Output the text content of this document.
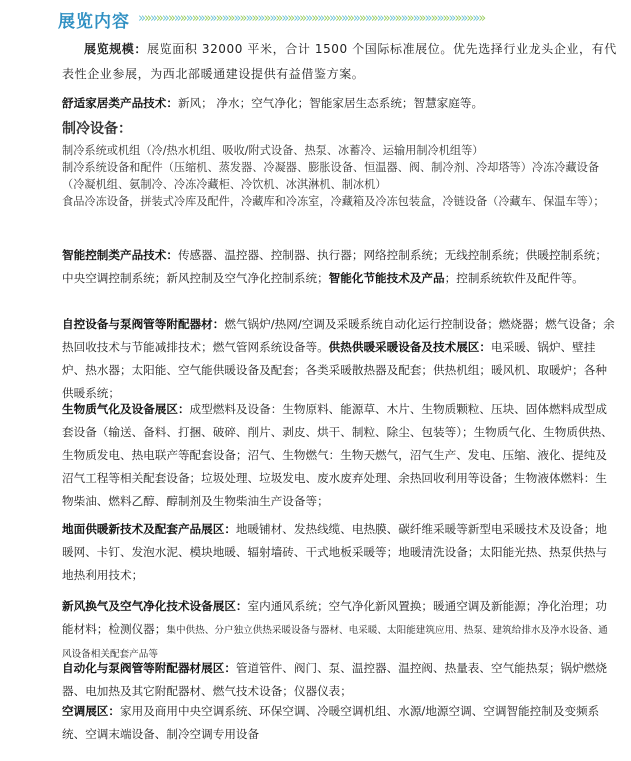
展览内容 »»»»»»»»»»»»»»»»»»»»»»»»»»»»»»»»»»»»»»»»»»»»»»»»»»»»»»»»»»
展览规模：展览面积 32000 平米，合计 1500 个国际标准展位。优先选择行业龙头企业，有代表性企业参展，为西北部暖通建设提供有益借鉴方案。
舒适家居类产品技术：新风； 净水；空气净化；智能家居生态系统；智慧家庭等。
制冷设备：
制冷系统或机组（冷/热水机组、吸收/附式设备、热泵、冰蓄冷、运输用制冷机组等）
制冷系统设备和配件（压缩机、蒸发器、冷凝器、膨胀设备、恒温器、阀、制冷剂、冷却塔等）冷冻冷藏设备（冷凝机组、氨制冷、冷冻冷藏柜、冷饮机、冰淇淋机、制冰机）
食品冷冻设备，拼装式冷库及配件，冷藏库和冷冻室，冷藏箱及冷冻包装盒，冷链设备（冷藏车、保温车等）；
智能控制类产品技术：传感器、温控器、控制器、执行器；网络控制系统；无线控制系统；供暖控制系统；中央空调控制系统；新风控制及空气净化控制系统；智能化节能技术及产品；控制系统软件及配件等。
自控设备与泵阀管等附配器材：燃气锅炉/热网/空调及采暖系统自动化运行控制设备；燃烧器；燃气设备；余热回收技术与节能减排技术；燃气管网系统设备等。供热供暖采暖设备及技术展区：电采暖、锅炉、壁挂炉、热水器；太阳能、空气能供暖设备及配套；各类采暖散热器及配套；供热机组；暖风机、取暖炉；各种供暖系统；
生物质气化及设备展区：成型燃料及设备：生物原料、能源草、木片、生物质颗粒、压块、固体燃料成型成套设备（输送、备料、打捆、破碎、削片、剥皮、烘干、制粒、除尘、包装等）；生物质气化、生物质供热、生物质发电、热电联产等配套设备；沼气、生物燃气：生物天燃气，沼气生产、发电、压缩、液化、提纯及沼气工程等相关配套设备；垃圾处理、垃圾发电、废水废弃处理、余热回收利用等设备；生物液体燃料：生物柴油、燃料乙醇、醇制剂及生物柴油生产设备等；
地面供暖新技术及配套产品展区：地暖铺材、发热线缆、电热膜、碳纤维采暖等新型电采暖技术及设备；地暖网、卡钉、发泡水泥、模块地暖、辐射墙砖、干式地板采暖等；地暖清洗设备；太阳能光热、热泵供热与地热利用技术；
新风换气及空气净化技术设备展区：室内通风系统；空气净化新风置换；暖通空调及新能源；净化治理；功能材料；检测仪器；集中供热、分户独立供热采暖设备与器材、电采暖、太阳能建筑应用、热泵、建筑给排水及净水设备、通风设备相关配套产品等
自动化与泵阀管等附配器材展区：管道管件、阀门、泵、温控器、温控阀、热量表、空气能热泵；锅炉燃烧器、电加热及其它附配器材、燃气技术设备；仪器仪表；
空调展区：家用及商用中央空调系统、环保空调、冷暖空调机组、水源/地源空调、空调智能控制及变频系统、空调末端设备、制冷空调专用设备
